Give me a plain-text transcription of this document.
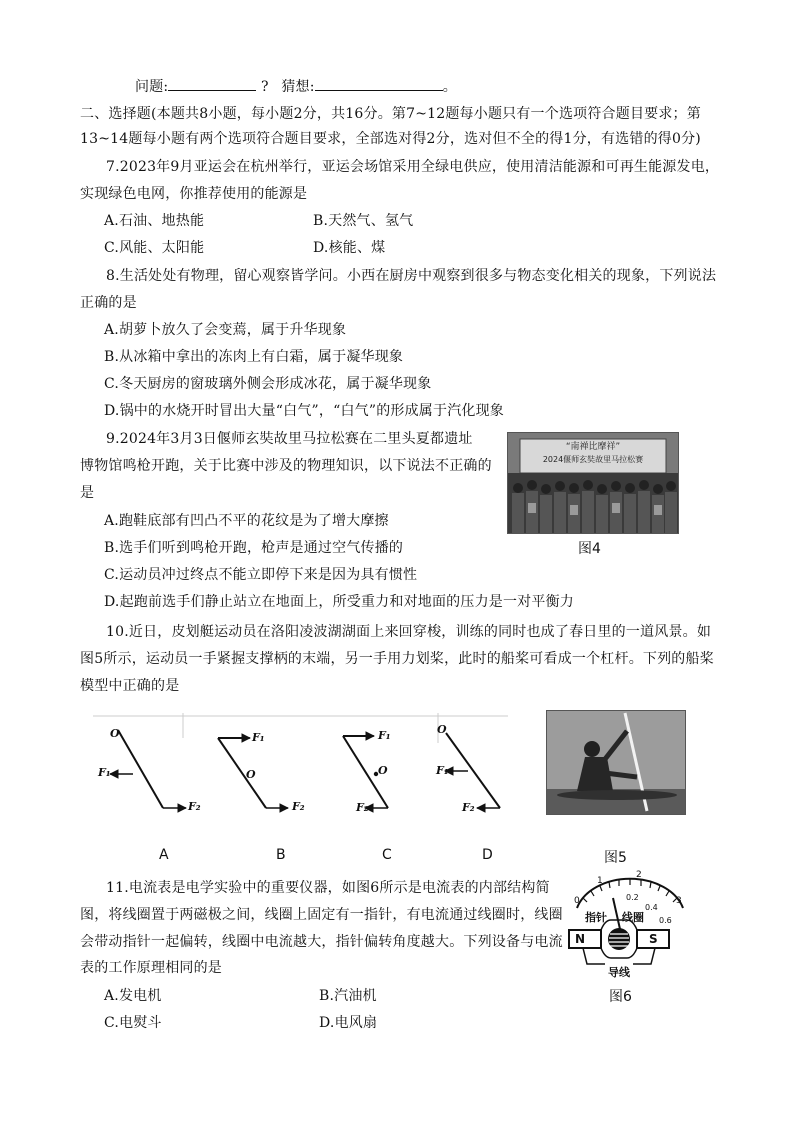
问题:	? 猜想:	。
二、选择题(本题共8小题，每小题2分，共16分。第7~12题每小题只有一个选项符合题目要求；第
13~14题每小题有两个选项符合题目要求，全部选对得2分，选对但不全的得1分，有选错的得0分)
7.2023年9月亚运会在杭州举行，亚运会场馆采用全绿电供应，使用清洁能源和可再生能源发电，
实现绿色电网，你推荐使用的能源是
A.石油、地热能	B.天然气、氢气
C.风能、太阳能	D.核能、煤
8.生活处处有物理，留心观察皆学问。小西在厨房中观察到很多与物态变化相关的现象，下列说法
正确的是
A.胡萝卜放久了会变蔫，属于升华现象
B.从冰箱中拿出的冻肉上有白霜，属于凝华现象
C.冬天厨房的窗玻璃外侧会形成冰花，属于凝华现象
D.锅中的水烧开时冒出大量“白气”，“白气”的形成属于汽化现象
9.2024年3月3日偃师玄奘故里马拉松赛在二里头夏都遗址
博物馆鸣枪开跑，关于比赛中涉及的物理知识，以下说法不正确的
是
A.跑鞋底部有凹凸不平的花纹是为了增大摩擦
B.选手们听到鸣枪开跑，枪声是通过空气传播的
C.运动员冲过终点不能立即停下来是因为具有惯性
D.起跑前选手们静止站立在地面上，所受重力和对地面的压力是一对平衡力
“南禅比摩祥”
2024偃师玄奘故里马拉松赛
图4
10.近日，皮划艇运动员在洛阳凌波湖湖面上来回穿梭，训练的同时也成了春日里的一道风景。如
图5所示，运动员一手紧握支撑柄的末端，另一手用力划桨，此时的船桨可看成一个杠杆。下列的船桨
模型中正确的是
O
F₁
F₂
F₁
O
F₂
F₁
O
F₂
O
F₁
F₂
A	B	C	D	图5
11.电流表是电学实验中的重要仪器，如图6所示是电流表的内部结构简
图，将线圈置于两磁极之间，线圈上固定有一指针，有电流通过线圈时，线圈
会带动指针一起偏转，线圈中电流越大，指针偏转角度越大。下列设备与电流
表的工作原理相同的是
A.发电机	B.汽油机
C.电熨斗	D.电风扇
0
1
2
3
0.2
0.4
0.6
指针 线圈
N	S
导线
图6
